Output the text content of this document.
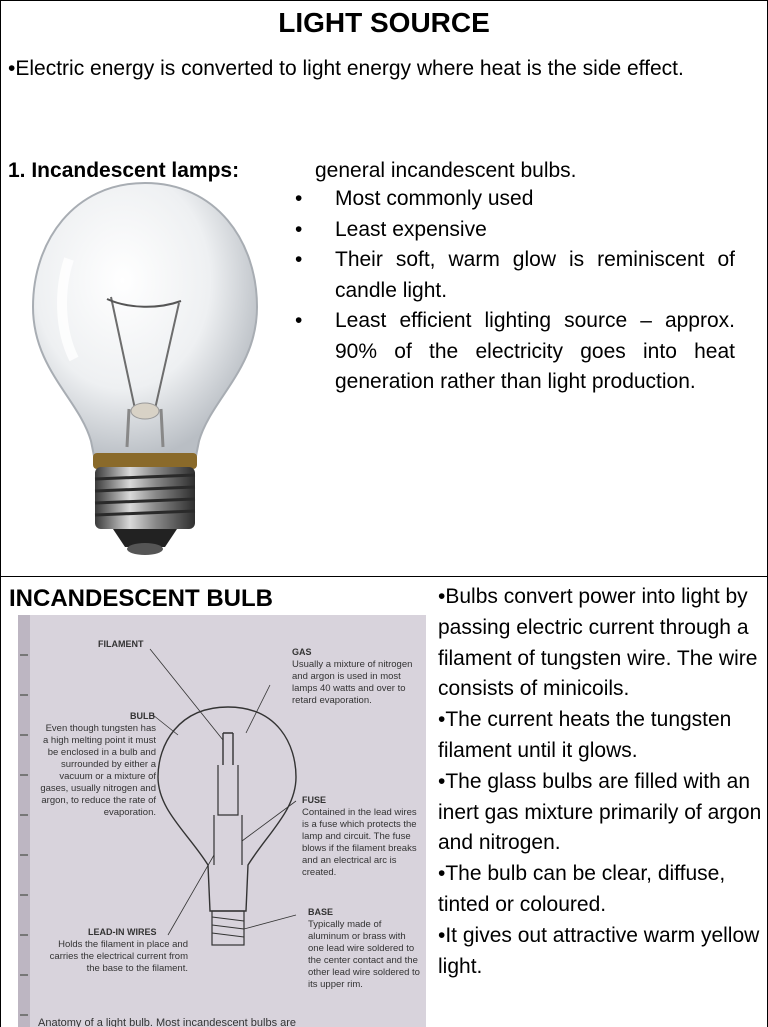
LIGHT SOURCE
•Electric energy is converted to light energy where heat is the side effect.
1. Incandescent lamps:	general incandescent bulbs.
• Most commonly used
• Least expensive
• Their soft, warm glow is reminiscent of candle light.
• Least efficient lighting source – approx. 90% of the electricity goes into heat generation rather than light production.
INCANDESCENT BULB
FILAMENT
GAS
Usually a mixture of nitrogen and argon is used in most lamps 40 watts and over to retard evaporation.
BULB
Even though tungsten has a high melting point it must be enclosed in a bulb and surrounded by either a vacuum or a mixture of gases, usually nitrogen and argon, to reduce the rate of evaporation.
FUSE
Contained in the lead wires is a fuse which protects the lamp and circuit. The fuse blows if the filament breaks and an electrical arc is created.
LEAD-IN WIRES
Holds the filament in place and carries the electrical current from the base to the filament.
BASE
Typically made of aluminum or brass with one lead wire soldered to the center contact and the other lead wire soldered to its upper rim.
Anatomy of a light bulb. Most incandescent bulbs are
•Bulbs convert power into light by passing electric current through a filament of tungsten wire. The wire consists of minicoils.
•The current heats the tungsten filament until it glows.
•The glass bulbs are filled with an inert gas mixture primarily of argon and nitrogen.
•The bulb can be clear, diffuse, tinted or coloured.
•It gives out attractive warm yellow light.
